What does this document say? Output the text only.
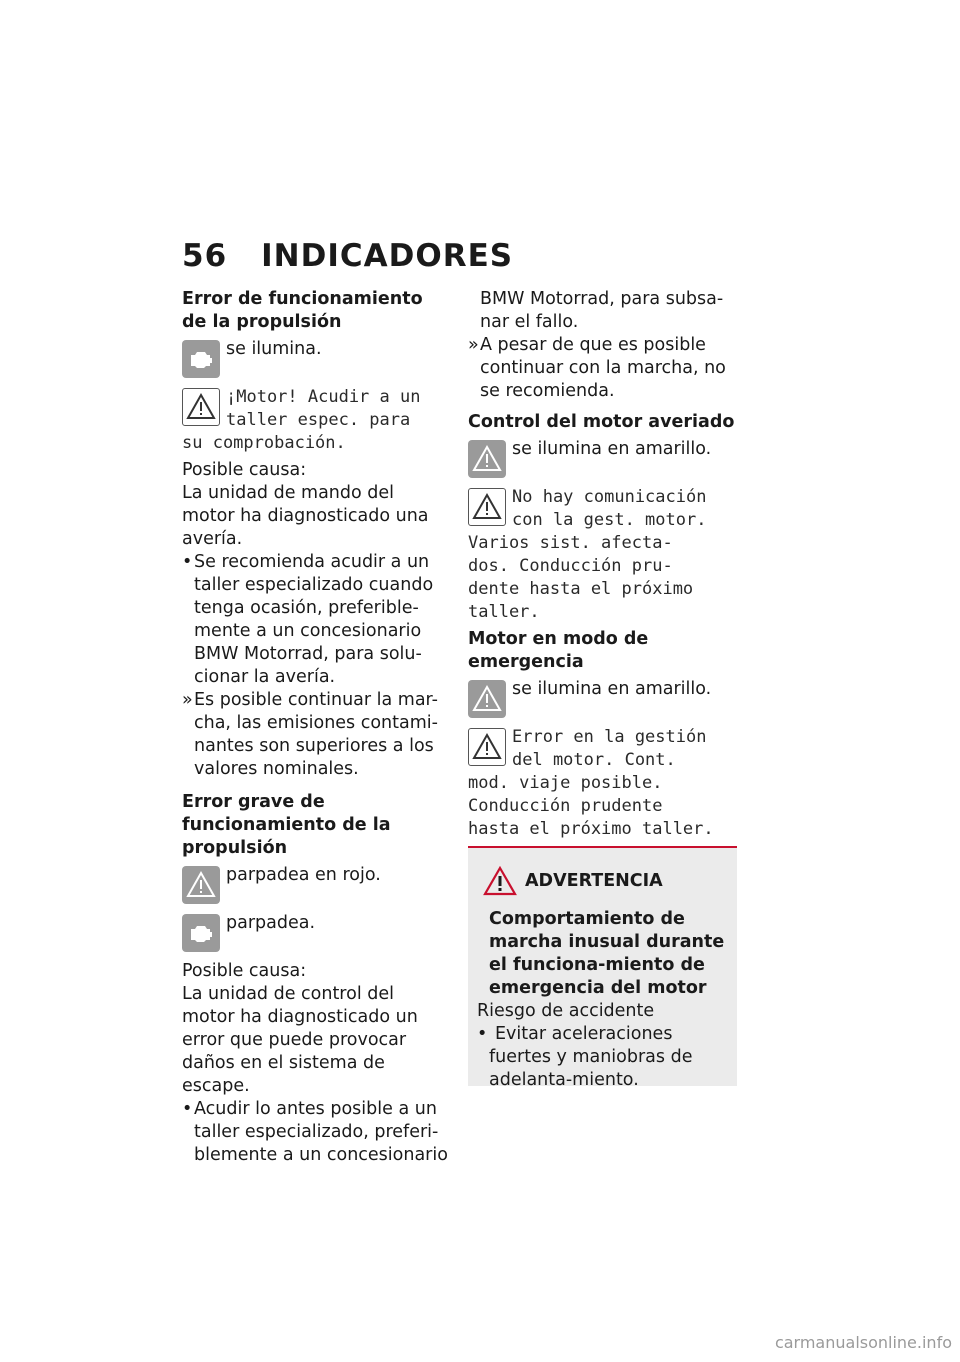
56 INDICADORES

Error de funcionamiento de la propulsión

se ilumina.

¡Motor! Acudir a un

taller espec. para

su comprobación.

Posible causa:

La unidad de mando del motor ha diagnosticado una avería.

• Se recomienda acudir a un taller especializado cuando tenga ocasión, preferible-mente a un concesionario BMW Motorrad, para solu-cionar la avería.
» Es posible continuar la mar-cha, las emisiones contami-nantes son superiores a los valores nominales.

Error grave de funcionamiento de la propulsión

parpadea en rojo.

parpadea.

Posible causa:

La unidad de control del motor ha diagnosticado un error que puede provocar daños en el sistema de escape.

• Acudir lo antes posible a un taller especializado, preferi-blemente a un concesionario

BMW Motorrad, para subsa-nar el fallo.

» A pesar de que es posible continuar con la marcha, no se recomienda.

Control del motor averiado

se ilumina en amarillo.

No hay comunicación

con la gest. motor.

Varios sist. afecta-

dos. Conducción pru-

dente hasta el próximo

taller.

Motor en modo de emergencia

se ilumina en amarillo.

Error en la gestión

del motor. Cont.

mod. viaje posible.

Conducción prudente

hasta el próximo taller.

ADVERTENCIA

Comportamiento de marcha inusual durante el funciona-miento de emergencia del motor

Riesgo de accidente

• Evitar aceleraciones fuertes y maniobras de adelanta-miento.
carmanualsonline.info
